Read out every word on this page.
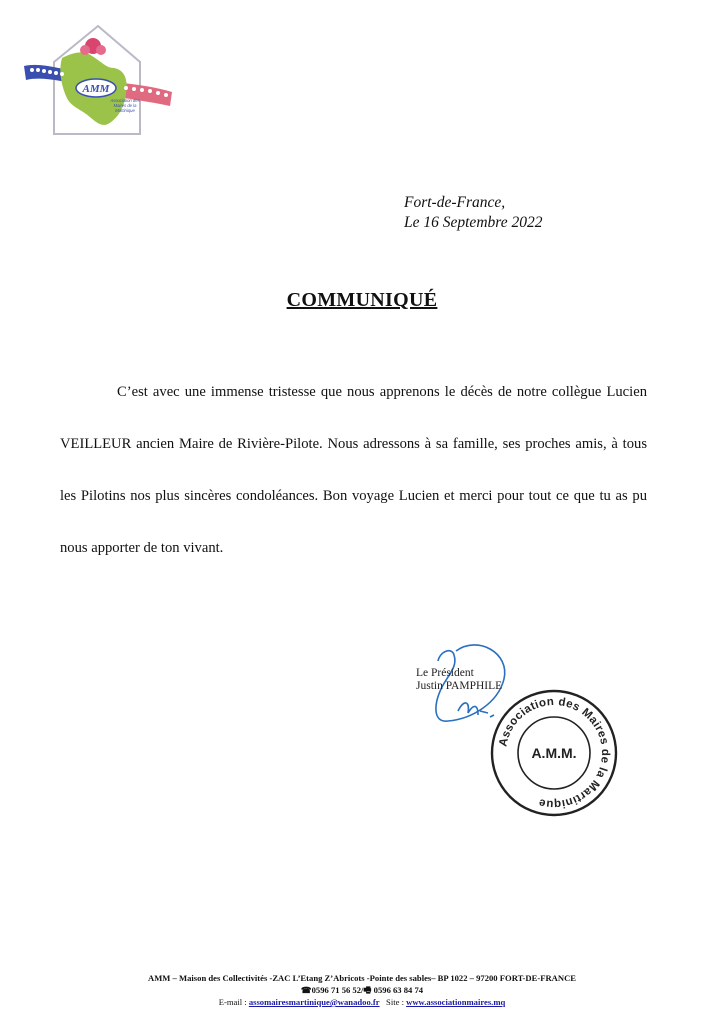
AMM
Association des Maires de la Martinique
Fort-de-France,
Le 16 Septembre 2022
COMMUNIQUÉ

C’est avec une immense tristesse que nous apprenons le décès de notre collègue Lucien VEILLEUR ancien Maire de Rivière-Pilote. Nous adressons à sa famille, ses proches amis, à tous les Pilotins nos plus sincères condoléances. Bon voyage Lucien et merci pour tout ce que tu as pu nous apporter de ton vivant.

Le Président
Justin PAMPHILE
Association des Maires de la Martinique
A.M.M.
AMM – Maison des Collectivités -ZAC L’Etang Z’Abricots -Pointe des sables– BP 1022 – 97200 FORT-DE-FRANCE
☎0596 71 56 52/🖷 0596 63 84 74
E-mail : assomairesmartinique@wanadoo.fr Site : www.associationmaires.mq
